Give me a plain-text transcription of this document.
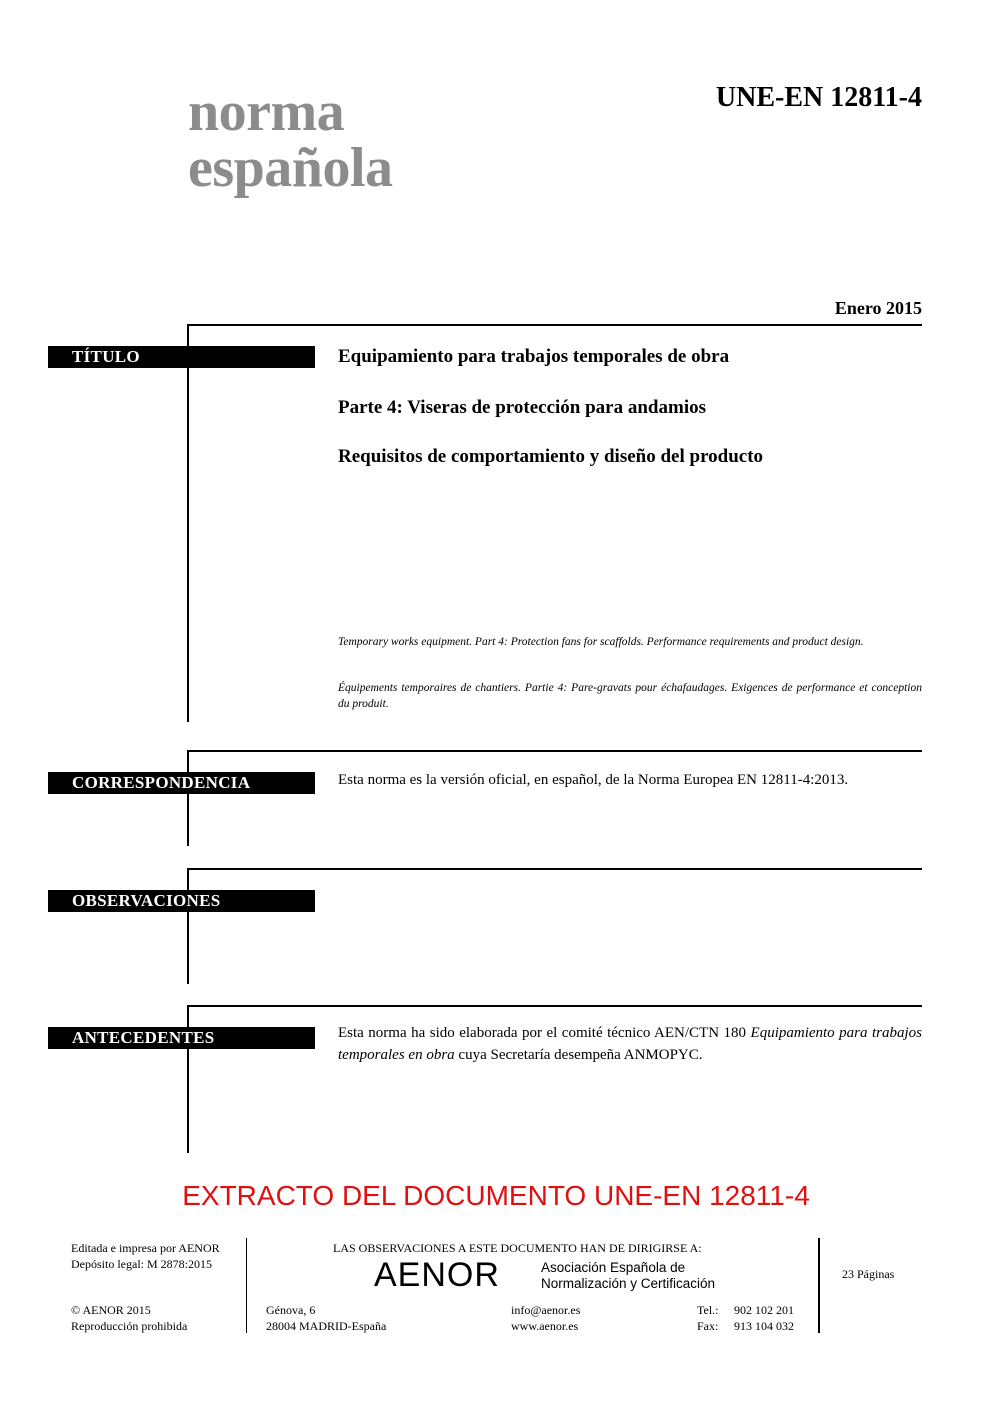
norma
española
UNE-EN 12811-4
Enero 2015
TÍTULO	Equipamiento para trabajos temporales de obra
Parte 4: Viseras de protección para andamios
Requisitos de comportamiento y diseño del producto
Temporary works equipment. Part 4: Protection fans for scaffolds. Performance requirements and product design.
Équipements temporaires de chantiers. Partie 4: Pare-gravats pour échafaudages. Exigences de performance et conception du produit.
CORRESPONDENCIA	Esta norma es la versión oficial, en español, de la Norma Europea EN 12811-4:2013.
OBSERVACIONES
ANTECEDENTES	Esta norma ha sido elaborada por el comité técnico AEN/CTN 180 Equipamiento para trabajos temporales en obra cuya Secretaría desempeña ANMOPYC.
EXTRACTO DEL DOCUMENTO UNE-EN 12811-4
Editada e impresa por AENOR
Depósito legal: M 2878:2015
© AENOR 2015
Reproducción prohibida
LAS OBSERVACIONES A ESTE DOCUMENTO HAN DE DIRIGIRSE A:
AENOR	Asociación Española de
Normalización y Certificación
Génova, 6
28004 MADRID-España
info@aenor.es
www.aenor.es
Tel.: 902 102 201
Fax: 913 104 032
23 Páginas
